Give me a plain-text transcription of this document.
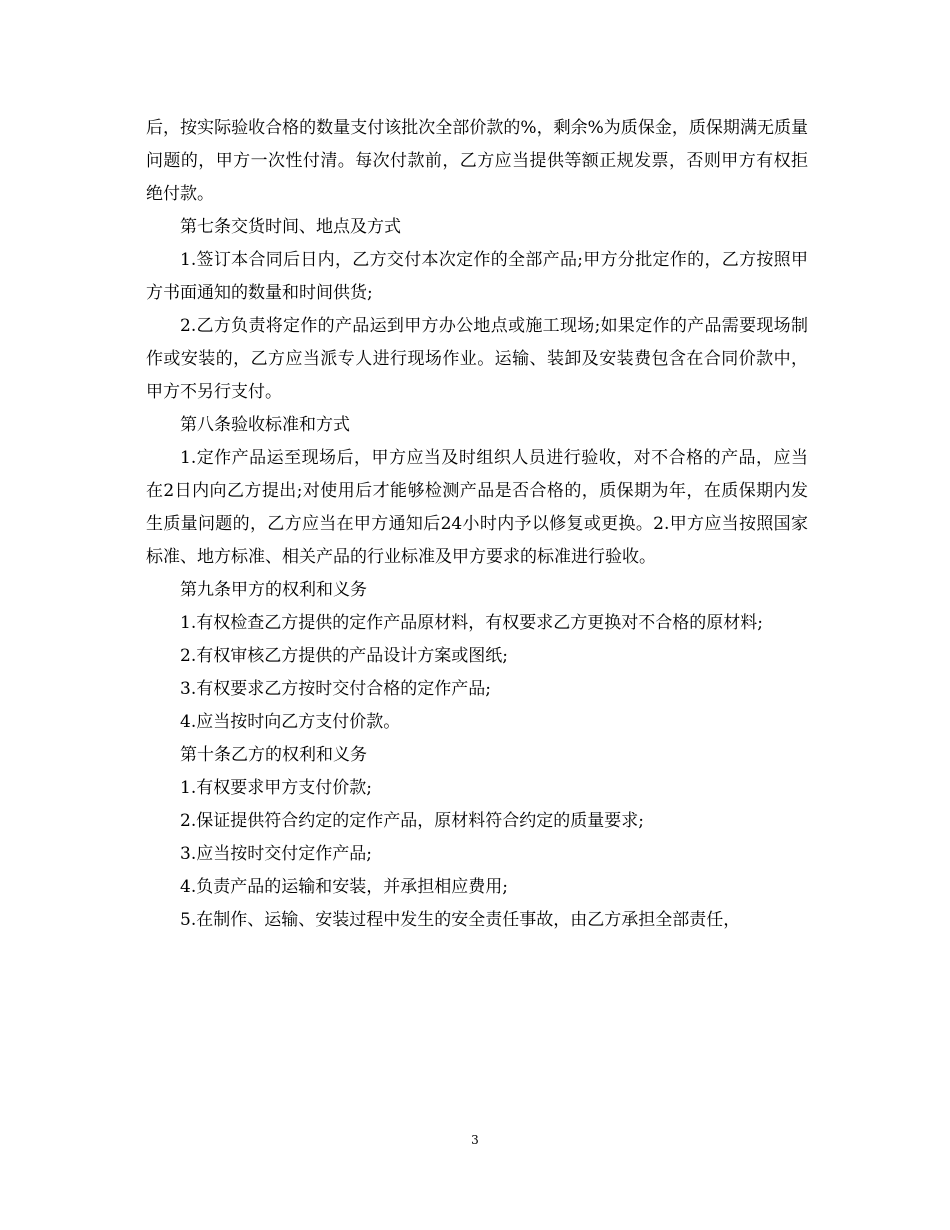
后，按实际验收合格的数量支付该批次全部价款的%，剩余%为质保金，质保期满无质量问题的，甲方一次性付清。每次付款前，乙方应当提供等额正规发票，否则甲方有权拒绝付款。

第七条交货时间、地点及方式

1.签订本合同后日内，乙方交付本次定作的全部产品;甲方分批定作的，乙方按照甲方书面通知的数量和时间供货;

2.乙方负责将定作的产品运到甲方办公地点或施工现场;如果定作的产品需要现场制作或安装的，乙方应当派专人进行现场作业。运输、装卸及安装费包含在合同价款中，甲方不另行支付。

第八条验收标准和方式

1.定作产品运至现场后，甲方应当及时组织人员进行验收，对不合格的产品，应当在2日内向乙方提出;对使用后才能够检测产品是否合格的，质保期为年，在质保期内发生质量问题的，乙方应当在甲方通知后24小时内予以修复或更换。2.甲方应当按照国家标准、地方标准、相关产品的行业标准及甲方要求的标准进行验收。

第九条甲方的权利和义务

1.有权检查乙方提供的定作产品原材料，有权要求乙方更换对不合格的原材料;

2.有权审核乙方提供的产品设计方案或图纸;

3.有权要求乙方按时交付合格的定作产品;

4.应当按时向乙方支付价款。

第十条乙方的权利和义务

1.有权要求甲方支付价款;

2.保证提供符合约定的定作产品，原材料符合约定的质量要求;

3.应当按时交付定作产品;

4.负责产品的运输和安装，并承担相应费用;

5.在制作、运输、安装过程中发生的安全责任事故，由乙方承担全部责任，

3
